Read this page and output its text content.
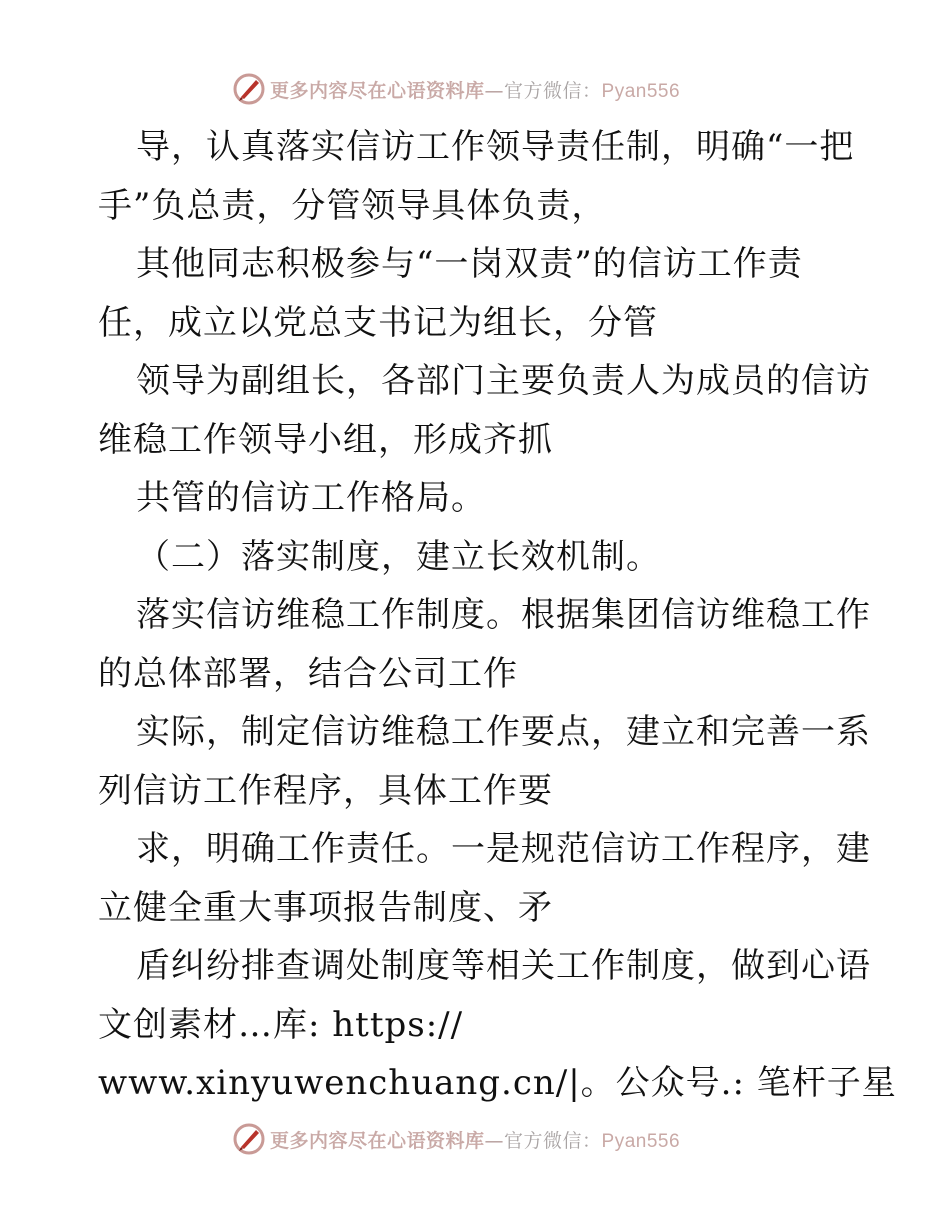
更多内容尽在心语资料库—官方微信：Pyan556
导，认真落实信访工作领导责任制，明确“一把
手”负总责，分管领导具体负责，
其他同志积极参与“一岗双责”的信访工作责
任，成立以党总支书记为组长，分管
领导为副组长，各部门主要负责人为成员的信访
维稳工作领导小组，形成齐抓
共管的信访工作格局。
（二）落实制度，建立长效机制。
落实信访维稳工作制度。根据集团信访维稳工作
的总体部署，结合公司工作
实际，制定信访维稳工作要点，建立和完善一系
列信访工作程序，具体工作要
求，明确工作责任。一是规范信访工作程序，建
立健全重大事项报告制度、矛
盾纠纷排查调处制度等相关工作制度，做到心语
文创素材…库: https://
www.xinyuwenchuang.cn/|。公众号.: 笔杆子星
更多内容尽在心语资料库—官方微信：Pyan556
